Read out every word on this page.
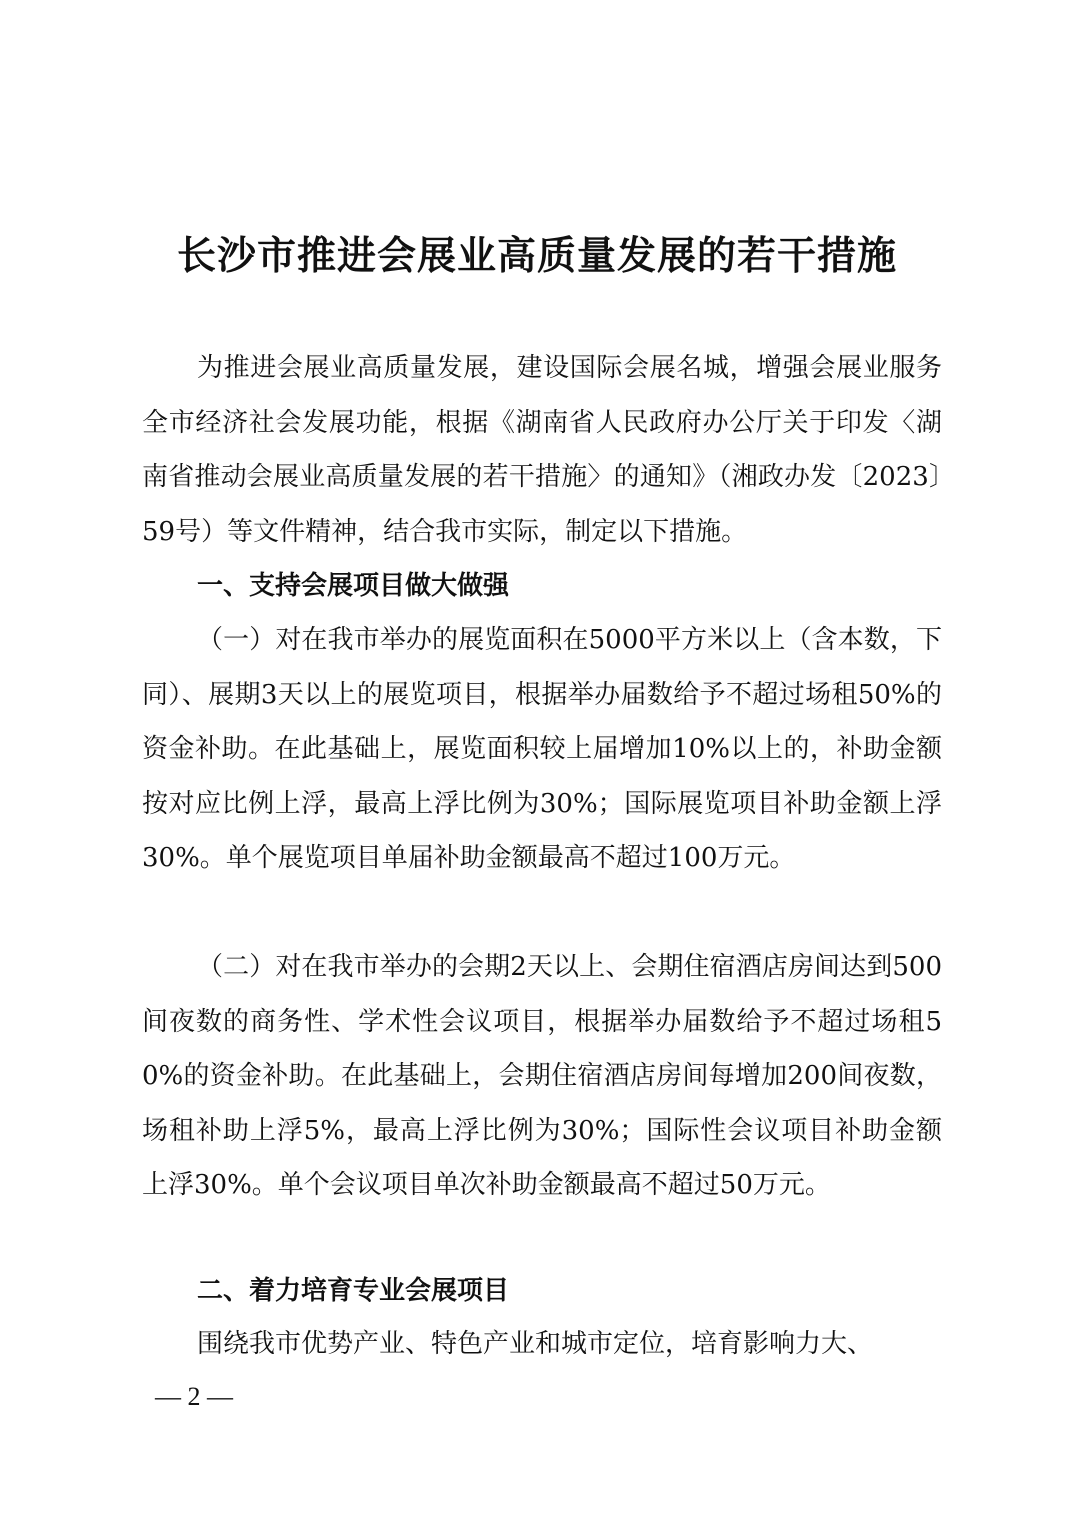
长沙市推进会展业高质量发展的若干措施

为推进会展业高质量发展，建设国际会展名城，增强会展业服务全市经济社会发展功能，根据《湖南省人民政府办公厅关于印发〈湖南省推动会展业高质量发展的若干措施〉的通知》（湘政办发〔2023〕59号）等文件精神，结合我市实际，制定以下措施。

一、支持会展项目做大做强

（一）对在我市举办的展览面积在5000平方米以上（含本数，下同）、展期3天以上的展览项目，根据举办届数给予不超过场租50%的资金补助。在此基础上，展览面积较上届增加10%以上的，补助金额按对应比例上浮，最高上浮比例为30%；国际展览项目补助金额上浮30%。单个展览项目单届补助金额最高不超过100万元。

（二）对在我市举办的会期2天以上、会期住宿酒店房间达到500间夜数的商务性、学术性会议项目，根据举办届数给予不超过场租50%的资金补助。在此基础上，会期住宿酒店房间每增加200间夜数，场租补助上浮5%，最高上浮比例为30%；国际性会议项目补助金额上浮30%。单个会议项目单次补助金额最高不超过50万元。

二、着力培育专业会展项目

围绕我市优势产业、特色产业和城市定位，培育影响力大、

— 2 —
